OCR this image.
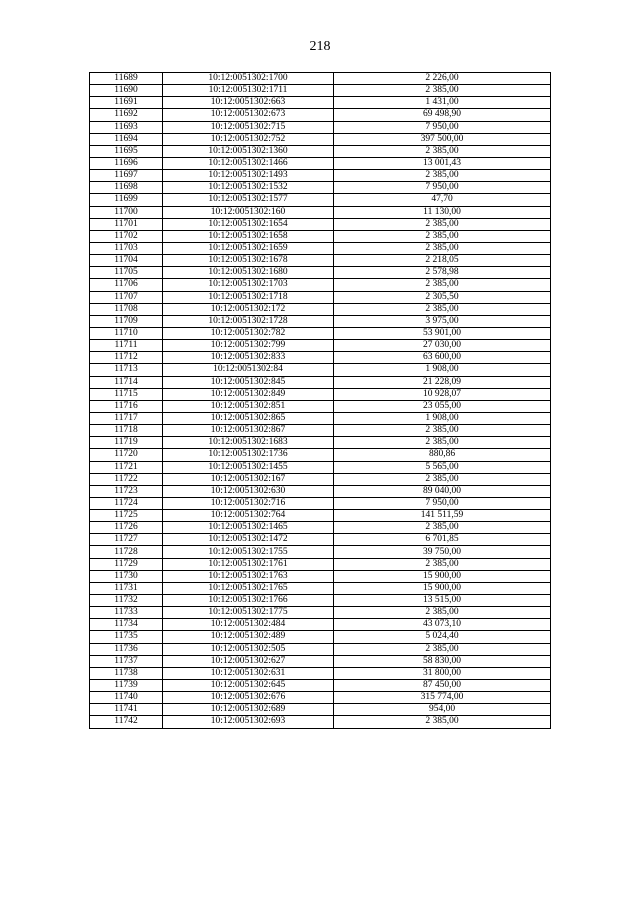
218
11689	10:12:0051302:1700	2 226,00
11690	10:12:0051302:1711	2 385,00
11691	10:12:0051302:663	1 431,00
11692	10:12:0051302:673	69 498,90
11693	10:12:0051302:715	7 950,00
11694	10:12:0051302:752	397 500,00
11695	10:12:0051302:1360	2 385,00
11696	10:12:0051302:1466	13 001,43
11697	10:12:0051302:1493	2 385,00
11698	10:12:0051302:1532	7 950,00
11699	10:12:0051302:1577	47,70
11700	10:12:0051302:160	11 130,00
11701	10:12:0051302:1654	2 385,00
11702	10:12:0051302:1658	2 385,00
11703	10:12:0051302:1659	2 385,00
11704	10:12:0051302:1678	2 218,05
11705	10:12:0051302:1680	2 578,98
11706	10:12:0051302:1703	2 385,00
11707	10:12:0051302:1718	2 305,50
11708	10:12:0051302:172	2 385,00
11709	10:12:0051302:1728	3 975,00
11710	10:12:0051302:782	53 901,00
11711	10:12:0051302:799	27 030,00
11712	10:12:0051302:833	63 600,00
11713	10:12:0051302:84	1 908,00
11714	10:12:0051302:845	21 228,09
11715	10:12:0051302:849	10 928,07
11716	10:12:0051302:851	23 055,00
11717	10:12:0051302:865	1 908,00
11718	10:12:0051302:867	2 385,00
11719	10:12:0051302:1683	2 385,00
11720	10:12:0051302:1736	880,86
11721	10:12:0051302:1455	5 565,00
11722	10:12:0051302:167	2 385,00
11723	10:12:0051302:630	89 040,00
11724	10:12:0051302:716	7 950,00
11725	10:12:0051302:764	141 511,59
11726	10:12:0051302:1465	2 385,00
11727	10:12:0051302:1472	6 701,85
11728	10:12:0051302:1755	39 750,00
11729	10:12:0051302:1761	2 385,00
11730	10:12:0051302:1763	15 900,00
11731	10:12:0051302:1765	15 900,00
11732	10:12:0051302:1766	13 515,00
11733	10:12:0051302:1775	2 385,00
11734	10:12:0051302:484	43 073,10
11735	10:12:0051302:489	5 024,40
11736	10:12:0051302:505	2 385,00
11737	10:12:0051302:627	58 830,00
11738	10:12:0051302:631	31 800,00
11739	10:12:0051302:645	87 450,00
11740	10:12:0051302:676	315 774,00
11741	10:12:0051302:689	954,00
11742	10:12:0051302:693	2 385,00
